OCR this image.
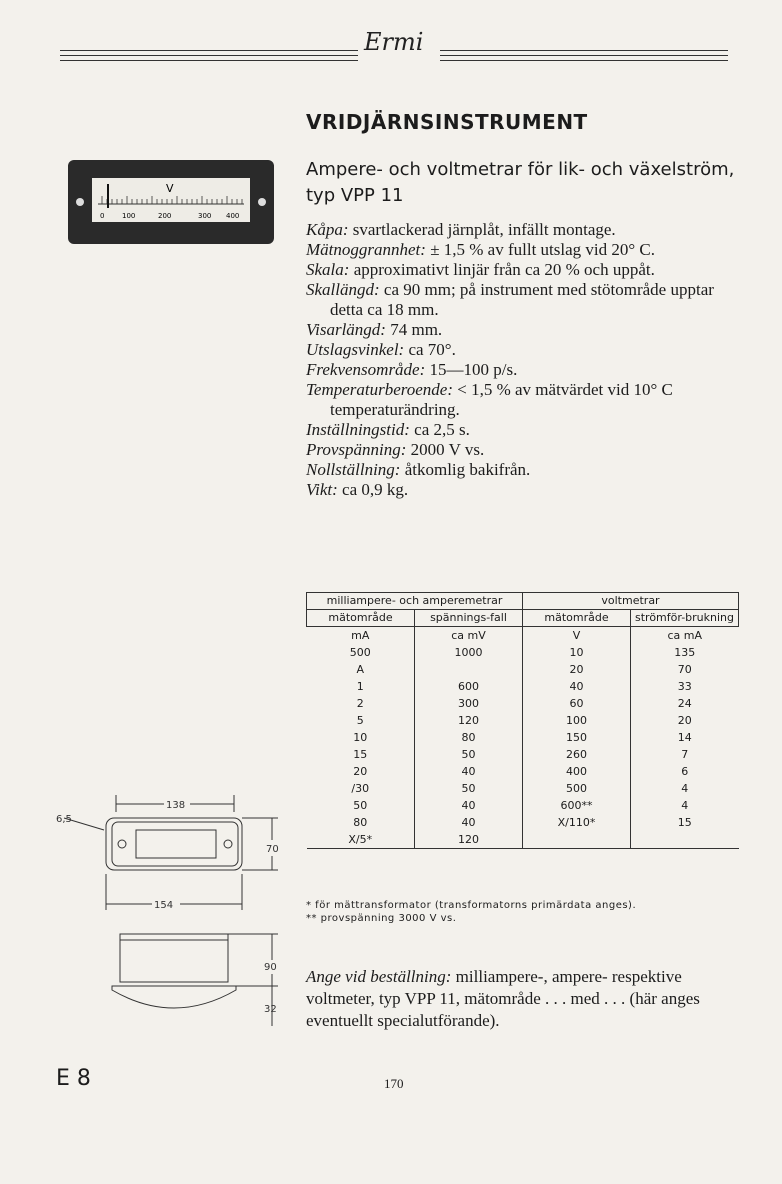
Ermi
VRIDJÄRNSINSTRUMENT
Ampere- och voltmetrar för lik- och växelström, typ VPP 11
V
0	100	200	300 400

Kåpa: svartlackerad järnplåt, infällt montage.

Mätnoggrannhet: ± 1,5 % av fullt utslag vid 20° C.

Skala: approximativt linjär från ca 20 % och uppåt.

Skallängd: ca 90 mm; på instrument med stötområde upptar detta ca 18 mm.

Visarlängd: 74 mm.

Utslagsvinkel: ca 70°.

Frekvensområde: 15—100 p/s.

Temperaturberoende: < 1,5 % av mätvärdet vid 10° C temperaturändring.

Inställningstid: ca 2,5 s.

Provspänning: 2000 V vs.

Nollställning: åtkomlig bakifrån.

Vikt: ca 0,9 kg.

milliampere- och amperemetrar		voltmetrar	
mätområde	spännings-fall	mätområde	strömför-brukning
mA	ca mV	V	ca mA
500	1000	10	135
A		20	70
1	600	40	33
2	300	60	24
5	120	100	20
10	80	150	14
15	50	260	7
20	40	400	6
/30	50	500	4
50	40	600**	4
80	40	X/110*	15
X/5*	120		
* för mättransformator (transformatorns primärdata anges).
** provspänning 3000 V vs.
Ange vid beställning: milliampere-, ampere- respektive voltmeter, typ VPP 11, mätområde . . . med . . . (här anges eventuellt specialutförande).
138
6,5
70
154
90
32
E 8	170
